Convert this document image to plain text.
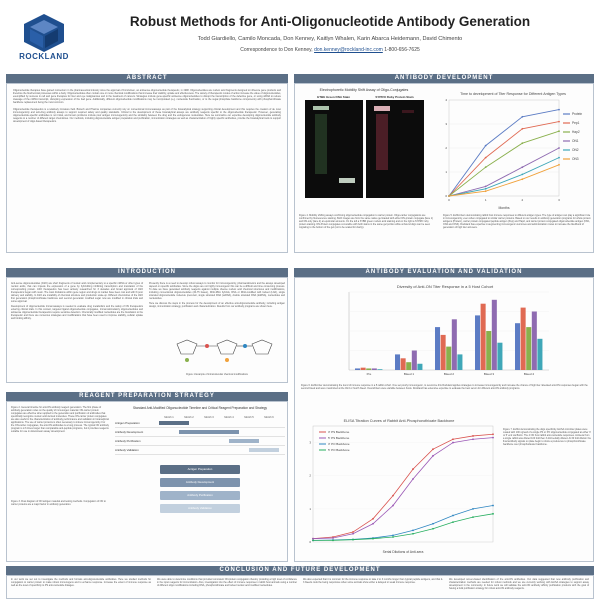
ROCKLAND
Robust Methods for Anti-Oligonucleotide Antibody Generation
Todd Giardiello, Camilo Moncada, Don Kenney, Kaitlyn Whalen, Karin Abarca Heidemann, David Chimento
Correspondence to Don Kenney, don.kenney@rockland-inc.com 1-800-656-7625
ABSTRACT

Oligonucleotide therapies have gained momentum in the pharmaceutical industry since the approval of Fomivirsen, an antisense oligonucleotide therapeutic, in 1998. Oligonucleotides are nucleic acid fragments designed to influence gene products and therefore the biochemical processes within a body. Oligonucleotides often contain one or more chemical modifications that increase their stability, uptake and effectiveness. The variety of therapeutic modes of action increase the value of oligonucleotides, exemplified by success in cell and gene therapies for liver and eye malignancies and in the treatment of cancers. Strategies include gene-specific antisense oligonucleotides to disrupt the transcription of the defective gene, or using siRNA to reduce cleavage of the mRNA transcript, disrupting expression of the bad gene. Additionally, different oligonucleotide modifications may be incorporated (e.g. nucleoside fluorination, or to the sugar-phosphate backbone components) with phosphorothioate backbone replacement being the most common.

Oligonucleotide therapeutics is a relatively immature field. Biotech and Pharma companies currently rely on conventional immunoassays as part of the bioanalytical strategy supporting clinical development and this requires the creation of de novo immunogenicity and anti-drug antibody assays to support required safety and quality standards. Critical to the development of these bioanalytical assays are antibody reagents specific to the oligonucleotide therapeutic. However, generating oligonucleotide-specific antibodies is not trivial, and known problems include poor antigen immunogenicity and the similarity between the drug and the endogenous nucleotides. Here we summarize our expertise developing oligonucleotide antibody reagents to a number of different target chemistries. Our methods, including oligonucleotide antigen preparation and purification, immunization strategies as well as characterization of highly specific antibodies, provide the bioanalytical tools to support development of oligo-based therapeutics.

ANTIBODY DEVELOPMENT
Electrophoretic Mobility Shift Assay of Oligo-Conjugates
GTBE Green DNA Stain	SYPRO Ruby Protein Stain
Time to development of Titer Response for Different Antigen Types
0
1
2
3
4
0	1	2	3
Months
Protein
Pep1
Hap2
ON1
ON2
ON3
Figure 4. Mobility shifting assays confirming oligonucleotide conjugation to carrier protein. Oligo-carrier conjugations are confirmed by fluorescence staining. Both images are from the same native gel loaded with either DN-protein conjugate (lane 1) and DN-only (lane 2) at equimolar amounts. On the left a SYBR green nucleic acid staining and on the right a SYPRO ruby protein staining. DN-Protein conjugates co-localize with both stains in the same gel portion while unbound oligo can be seen migrating to the bottom of the gel (not to be scaled for clarity).
Figure 5. ELISA titers demonstrating rabbit host immune responses to different antigen types. The type of antigen can play a significant role in immunogenicity, even when conjugated to similar carrier proteins. Based on our results in antibody generation programs for whole protein antigens (Protein), carrier protein conjugated peptide antigen (Pep) and Hap2, and carrier protein conjugated oligonucleotide antigen (ON1, ON2 and ON3). Rockland has expertise in augmenting immunogenic outcomes and administration routes to increase the likelihood of generation of high titer anti-sera.
INTRODUCTION

Anti-sense oligonucleotides (ASO) are short fragments of nucleic acid complementary to a specific mRNA or other types of nucleic acids, that can impede the expression of a gene by hybridizing inhibiting transcription and translation of the corresponding protein. ASO therapeutics has been actively researched for 3 decades and broad approval of ASO therapeutics began with nusin. The main limitations within gene region and drugs to market have been cost and with fit poor delivery and stability. In ASO are instability of chemical structure and production scale-up. Different chemistries of the ASO first generation phosphorothioate backbone and second generation modified sugar now are modified in clinical trials and some approval.

Development of oligonucleotide immunoassays is needed to evaluate drug metabolism and the safety of ON therapeutics entering clinical trials. In this context, targeted ligand oligonucleotide conjugates, immunostimulatory oligonucleotides and antisense oligonucleotide therapeutics require sensitive detection. Chemically modified nucleotides are the foundation to the therapeutic and there are numerous strategies and modifications that have been used to improve stability, cellular uptake and binding affinity.

Presently there is a need to develop robust assays to monitor for immunogenicity, pharmacokinetics and the assays developed depend on specific antibodies. Since the oligos are not highly immunogenic this can be a difficult and time consuming process. To date we have generated antibody reagents against multiple diverse nucleic acid chemical structures and modifications, including conventional oligonucleotides (20-75 bases), DNA-RNA hybrids, RNA or RNA-modified with locked (LNA), single stranded oligonucleotide molecule precursor, single stranded RNA (ssRNA), double stranded RNA (dsRNA), nucleotides and nucleosides.

Here we discuss the steps in the process for the development of an effective anti-oligonucleotide antibody, including antigen design, immunization strategy, purification and characterization. Results from our antibody programs are shown here.

Figure 1 Example of intramolecular chemical modifications
ANTIBODY EVALUATION AND VALIDATION
Diversity of Anti-ON Titer Response in a 5 Host Cohort
Pre	Bleed 1	Bleed 2	Bleed 3	Bleed 4
Figure 6. ELISA titer demonstrating the trend of immune response in a 5 rabbit cohort. One set poorly immunogenic, to overcome this Rockland applies strategies to increase immunogenicity and increase the chance of high titer. Elevated anti-ON responses began with the second bleed and were maximized at the third or fourth bleed. Overall titers were variable between hosts. Rockland has extensive expertise to evaluate the best serum for different anti-ON antibody programs.
ELISA Titration Curves of Rabbit Anti-Phosphorothioate Backbone
0
1
2
3
3' PS Backbone
5' PS Backbone
3' PO Backbone
5' PO Backbone
Serial Dilutions of Anti-sera
Figure 7. ELISA demonstrating the oligo specificity. ELISA microtiter plates were coated with 100 ng/well of a single PS or PO oligonucleotide conjugated at either 3' or 5' end via Biotin. The 4 ON host rabbit anti-nucleotide responses. Antisera from a single rabbit was diluted 100 fold then 3-fold serially diluted. At 60 fold dilution the final antibody signals on plate begin to show a preference to phosphorothioate backbone over phosphodiester backbone.
REAGENT PREPARATION STRATEGY
Figure 2. General timeline for anti-ON antibody reagent generation. The first phase of antibody generation relies on the quality of immunogen material. ON-carrier protein conjugates are effective when applied to the generation and purification of antibodies that specifically recognize nucleic acid derived molecules. These ON-carrier protein conjugates are also useful in the characterization of antibody performance and validation in bioanalytical applications. The use of carrier proteins is often necessary to induce immunogenicity. For the ON-carrier conjugates, the anti-ON antibodies is a long process. The typical ON antibody program is 2-6 times longer than comparable anti-peptide programs, but it provides reagents suitable for use in downstream assay development.
Figure 3. Flow diagram of ON antigen material and testing methods. Conjugation of ON to carrier proteins are a major factor in antibody generation.
Standard Anti-Modified Oligonucleotide Timeline and Critical Reagent Preparation and Strategy
Month 1	Month 2	Month 3	Month 4	Month 5	Month 6
Antigen Preparation
Antibody Development
Antibody Purification
Antibody Validation
Antigen Preparation
Antibody Development
Antibody Purification
Antibody Validation
CONCLUSION AND FUTURE DEVELOPMENT

In our work we set out to investigate the methods and formats anti-oligonucleotide antibodies. Here we studied methods for conjugation to carrier protein to make robust immunogens and to enhance response. Increase the extent of immune response as well as the level of specificity to PS anti-nucleotide linkages.

We were able to determine conditions that provided consistent ON-protein conjugation thereby providing a high level of confidence in the input reagents for immunization. Also, investigation into the effect of immune response in rabbit host animals using a number of different oligo modifications including DNA, phosphorothioate and locked nucleic acid modified nucleotides.

We also expected that it is common for the immune response to take 2 to 3 months longer than typical peptide antigens, and that 2-3 bleeds could be being responsive when some animals show either a delayed or weak immune response.

We developed screen-based identification of the anti-ON antibodies. Our data suggested that new antibody purification and characterization methods are needed for robust methods and we are currently working with ELISA strategies to support assay development in the community. In future work we will validate the anti-ON antibody affinity purification products with the goal of having a bulk purification strategy for robust anti-ON antibody reagents.
